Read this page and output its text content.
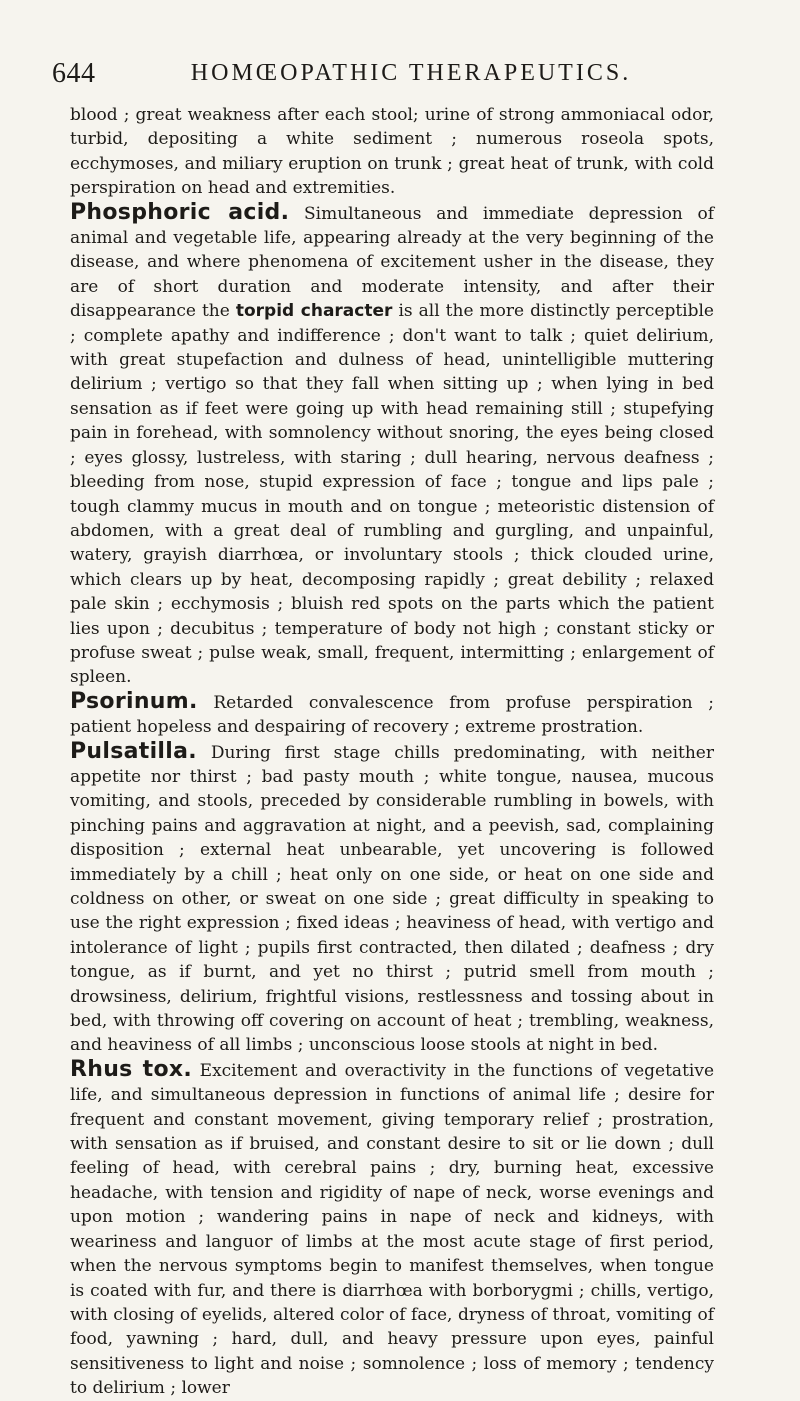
644	HOMŒOPATHIC THERAPEUTICS.

blood ; great weakness after each stool; urine of strong ammoniacal odor, turbid, depositing a white sediment ; numerous roseola spots, ecchymoses, and miliary eruption on trunk ; great heat of trunk, with cold perspiration on head and extremities.

Phosphoric acid. Simultaneous and immediate depression of animal and vegetable life, appearing already at the very beginning of the disease, and where phenomena of excitement usher in the disease, they are of short duration and moderate intensity, and after their disappearance the torpid character is all the more distinctly perceptible ; complete apathy and indifference ; don't want to talk ; quiet delirium, with great stupefaction and dulness of head, unintelligible muttering delirium ; vertigo so that they fall when sitting up ; when lying in bed sensation as if feet were going up with head remaining still ; stupefying pain in forehead, with somnolency without snoring, the eyes being closed ; eyes glossy, lustreless, with staring ; dull hearing, nervous deafness ; bleeding from nose, stupid expression of face ; tongue and lips pale ; tough clammy mucus in mouth and on tongue ; meteoristic distension of abdomen, with a great deal of rumbling and gurgling, and unpainful, watery, grayish diarrhœa, or involuntary stools ; thick clouded urine, which clears up by heat, decomposing rapidly ; great debility ; relaxed pale skin ; ecchymosis ; bluish red spots on the parts which the patient lies upon ; decubitus ; temperature of body not high ; constant sticky or profuse sweat ; pulse weak, small, frequent, intermitting ; enlargement of spleen.

Psorinum. Retarded convalescence from profuse perspiration ; patient hopeless and despairing of recovery ; extreme prostration.

Pulsatilla. During first stage chills predominating, with neither appetite nor thirst ; bad pasty mouth ; white tongue, nausea, mucous vomiting, and stools, preceded by considerable rumbling in bowels, with pinching pains and aggravation at night, and a peevish, sad, complaining disposition ; external heat unbearable, yet uncovering is followed immediately by a chill ; heat only on one side, or heat on one side and coldness on other, or sweat on one side ; great difficulty in speaking to use the right expression ; fixed ideas ; heaviness of head, with vertigo and intolerance of light ; pupils first contracted, then dilated ; deafness ; dry tongue, as if burnt, and yet no thirst ; putrid smell from mouth ; drowsiness, delirium, frightful visions, restlessness and tossing about in bed, with throwing off covering on account of heat ; trembling, weakness, and heaviness of all limbs ; unconscious loose stools at night in bed.

Rhus tox. Excitement and overactivity in the functions of vegetative life, and simultaneous depression in functions of animal life ; desire for frequent and constant movement, giving temporary relief ; prostration, with sensation as if bruised, and constant desire to sit or lie down ; dull feeling of head, with cerebral pains ; dry, burning heat, excessive headache, with tension and rigidity of nape of neck, worse evenings and upon motion ; wandering pains in nape of neck and kidneys, with weariness and languor of limbs at the most acute stage of first period, when the nervous symptoms begin to manifest themselves, when tongue is coated with fur, and there is diarrhœa with borborygmi ; chills, vertigo, with closing of eyelids, altered color of face, dryness of throat, vomiting of food, yawning ; hard, dull, and heavy pressure upon eyes, painful sensitiveness to light and noise ; somnolence ; loss of memory ; tendency to delirium ; lower
